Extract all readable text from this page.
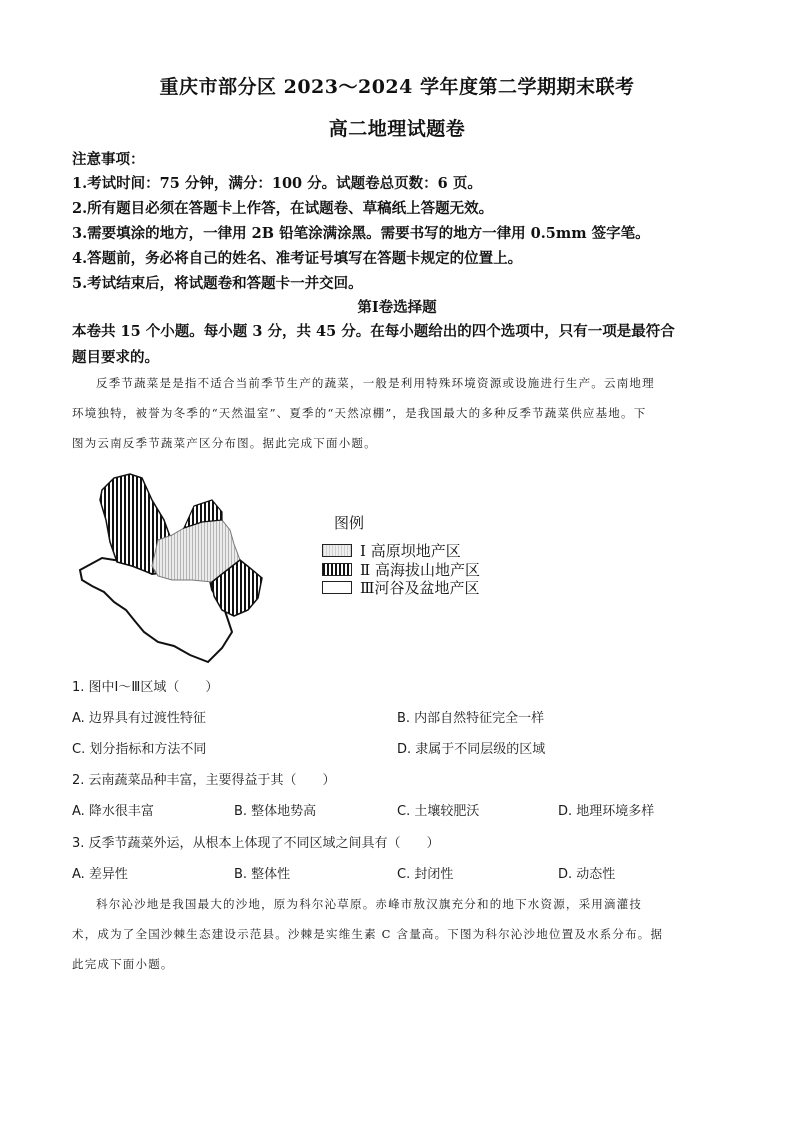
重庆市部分区 2023～2024 学年度第二学期期末联考
高二地理试题卷
注意事项：
1.考试时间：75 分钟，满分：100 分。试题卷总页数：6 页。
2.所有题目必须在答题卡上作答，在试题卷、草稿纸上答题无效。
3.需要填涂的地方，一律用 2B 铅笔涂满涂黑。需要书写的地方一律用 0.5mm 签字笔。
4.答题前，务必将自己的姓名、准考证号填写在答题卡规定的位置上。
5.考试结束后，将试题卷和答题卡一并交回。
第Ⅰ卷选择题
本卷共 15 个小题。每小题 3 分，共 45 分。在每小题给出的四个选项中，只有一项是最符合
题目要求的。
反季节蔬菜是是指不适合当前季节生产的蔬菜，一般是利用特殊环境资源或设施进行生产。云南地理
环境独特，被誉为冬季的“天然温室”、夏季的“天然凉棚”，是我国最大的多种反季节蔬菜供应基地。下
图为云南反季节蔬菜产区分布图。据此完成下面小题。
图例
Ⅰ 高原坝地产区
Ⅱ 高海拔山地产区
Ⅲ河谷及盆地产区
1. 图中Ⅰ～Ⅲ区域（　　）
A. 边界具有过渡性特征	B. 内部自然特征完全一样
C. 划分指标和方法不同	D. 隶属于不同层级的区域
2. 云南蔬菜品种丰富，主要得益于其（　　）
A. 降水很丰富	B. 整体地势高	C. 土壤较肥沃	D. 地理环境多样
3. 反季节蔬菜外运，从根本上体现了不同区域之间具有（　　）
A. 差异性	B. 整体性	C. 封闭性	D. 动态性
科尔沁沙地是我国最大的沙地，原为科尔沁草原。赤峰市敖汉旗充分和的地下水资源，采用滴灌技
术，成为了全国沙棘生态建设示范县。沙棘是实维生素 C 含量高。下图为科尔沁沙地位置及水系分布。据
此完成下面小题。
